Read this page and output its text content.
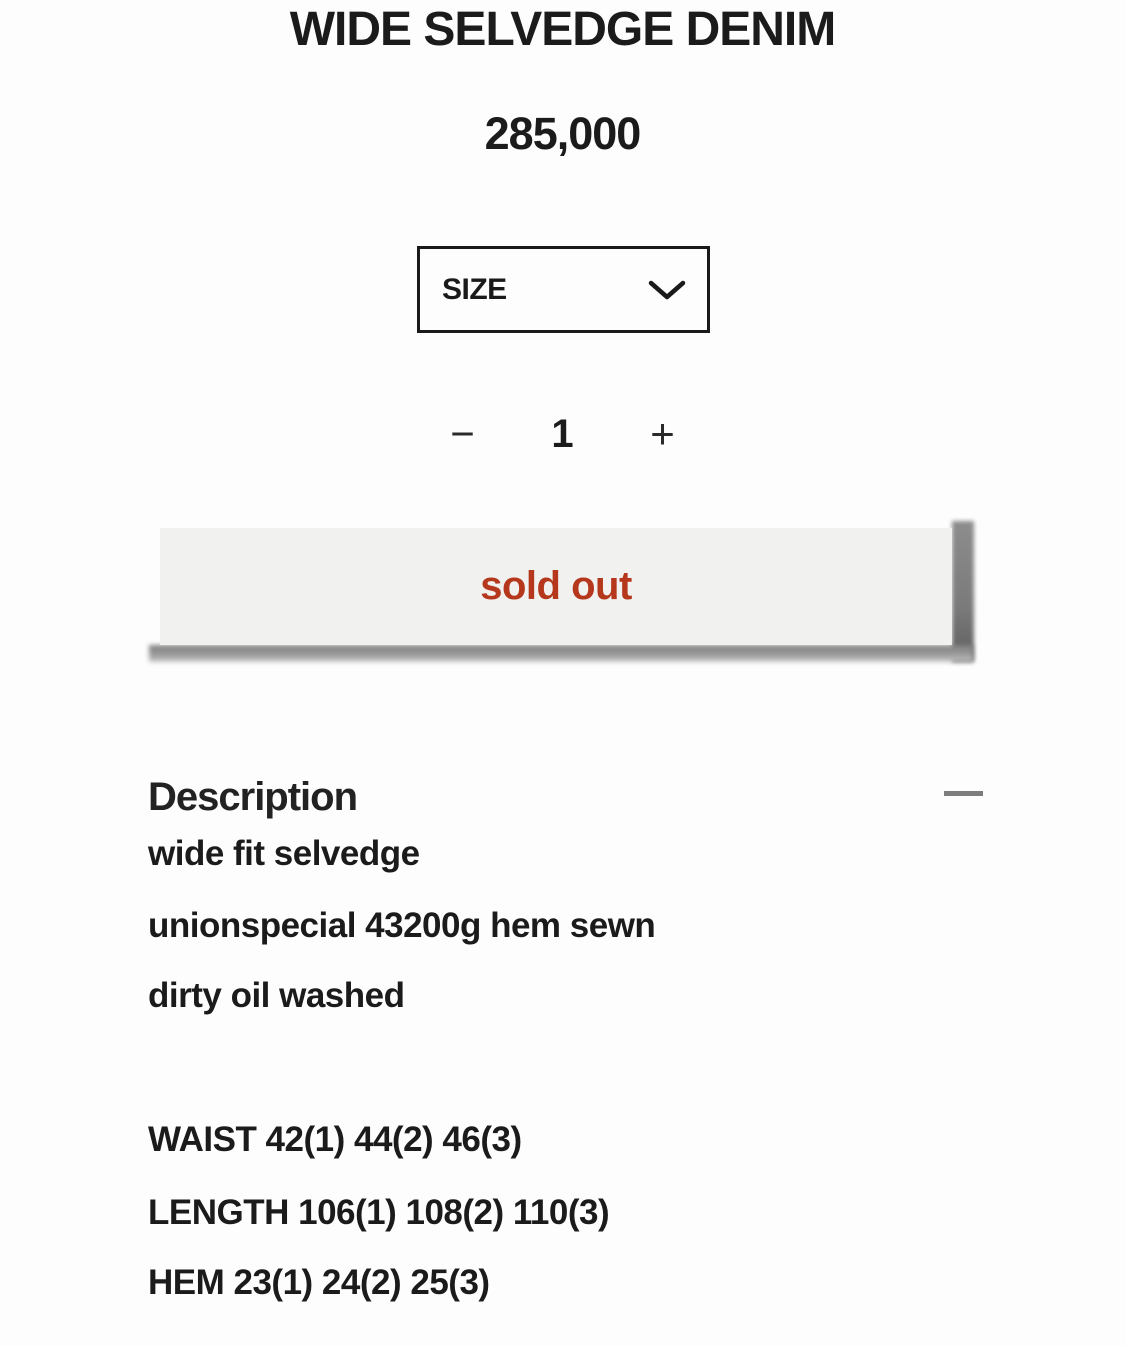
WIDE SELVEDGE DENIM
285,000
SIZE
−	1	+
sold out
Description
wide fit selvedge
unionspecial 43200g hem sewn
dirty oil washed
WAIST 42(1) 44(2) 46(3)
LENGTH 106(1) 108(2) 110(3)
HEM 23(1) 24(2) 25(3)
